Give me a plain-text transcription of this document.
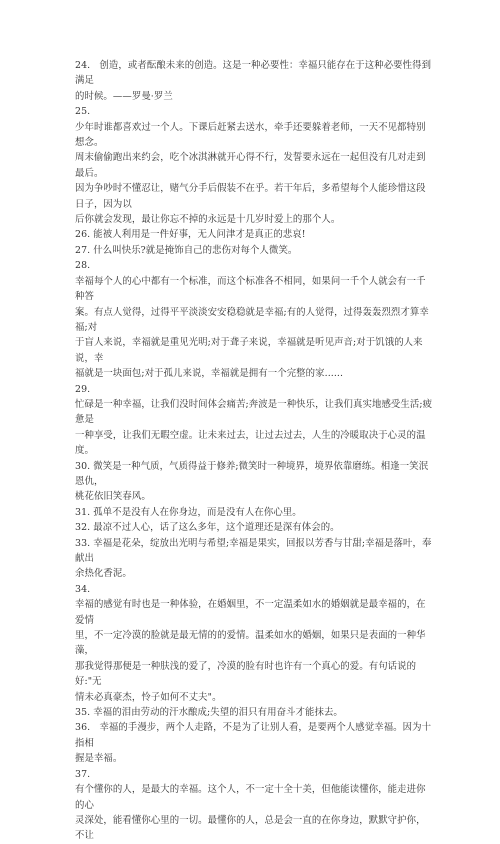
24.   创造，或者酝酿未来的创造。这是一种必要性：幸福只能存在于这种必要性得到满足

的时候。——罗曼·罗兰

25.

少年时谁都喜欢过一个人。下课后赶紧去送水，牵手还要躲着老师，一天不见都特别想念。

周末偷偷跑出来约会，吃个冰淇淋就开心得不行，发誓要永远在一起但没有几对走到最后。

因为争吵时不懂忍让，赌气分手后假装不在乎。若干年后，多希望每个人能珍惜这段日子，因为以

后你就会发现，最让你忘不掉的永远是十几岁时爱上的那个人。

26. 能被人利用是一件好事，无人问津才是真正的悲哀!

27. 什么叫快乐?就是掩饰自己的悲伤对每个人微笑。

28.

幸福每个人的心中都有一个标准，而这个标准各不相同，如果问一千个人就会有一千种答

案。有点人觉得，过得平平淡淡安安稳稳就是幸福;有的人觉得，过得轰轰烈烈才算幸福;对

于盲人来说，幸福就是重见光明;对于聋子来说，幸福就是听见声音;对于饥饿的人来说，幸

福就是一块面包;对于孤儿来说，幸福就是拥有一个完整的家......

29.

忙碌是一种幸福，让我们没时间体会痛苦;奔波是一种快乐，让我们真实地感受生活;疲惫是

一种享受，让我们无暇空虚。让未来过去，让过去过去，人生的冷暖取决于心灵的温度。

30. 微笑是一种气质，气质得益于修养;微笑时一种境界，境界依靠磨练。相逢一笑泯恩仇，

桃花依旧笑春风。

31. 孤单不是没有人在你身边，而是没有人在你心里。

32. 最凉不过人心，话了这么多年，这个道理还是深有体会的。

33. 幸福是花朵，绽放出光明与希望;幸福是果实，回报以芳香与甘甜;幸福是落叶，奉献出

余热化香泥。

34.

幸福的感觉有时也是一种体验，在婚姻里，不一定温柔如水的婚姻就是最幸福的，在爱情

里，不一定冷漠的脸就是最无情的的爱情。温柔如水的婚姻，如果只是表面的一种华藻，

那我觉得那便是一种肤浅的爱了，冷漠的脸有时也许有一个真心的爱。有句话说的好:"无

情未必真豪杰，怜子如何不丈夫"。

35. 幸福的泪由劳动的汗水酿成;失望的泪只有用奋斗才能抹去。

36.   幸福的手漫步，两个人走路，不是为了让别人看，是要两个人感觉幸福。因为十指相

握是幸福。

37.

有个懂你的人，是最大的幸福。这个人，不一定十全十美，但他能读懂你，能走进你的心

灵深处，能看懂你心里的一切。最懂你的人，总是会一直的在你身边，默默守护你，不让
